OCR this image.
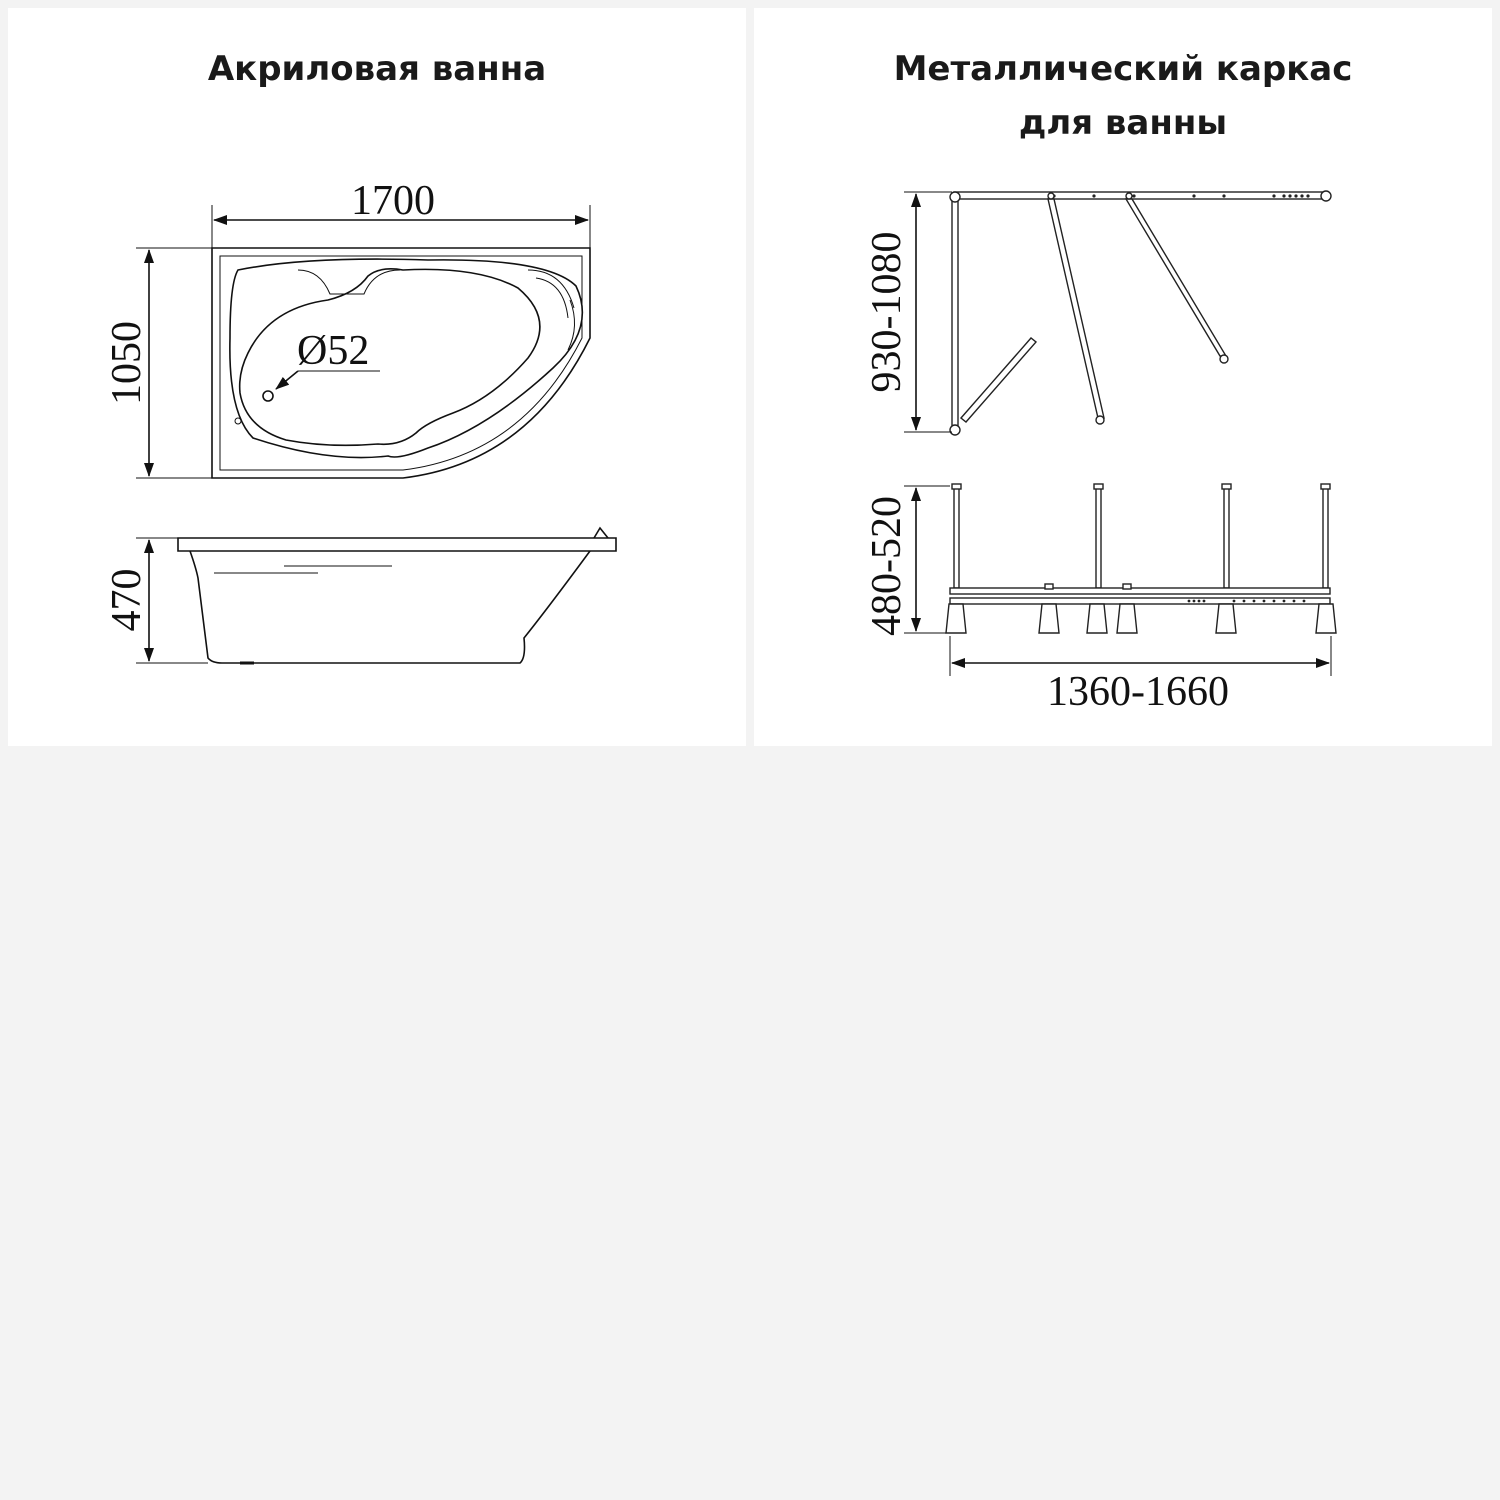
Акриловая ванна
1700
1050	Ø52
470
Металлический каркас
для ванны
930-1080
480-520
1360-1660
